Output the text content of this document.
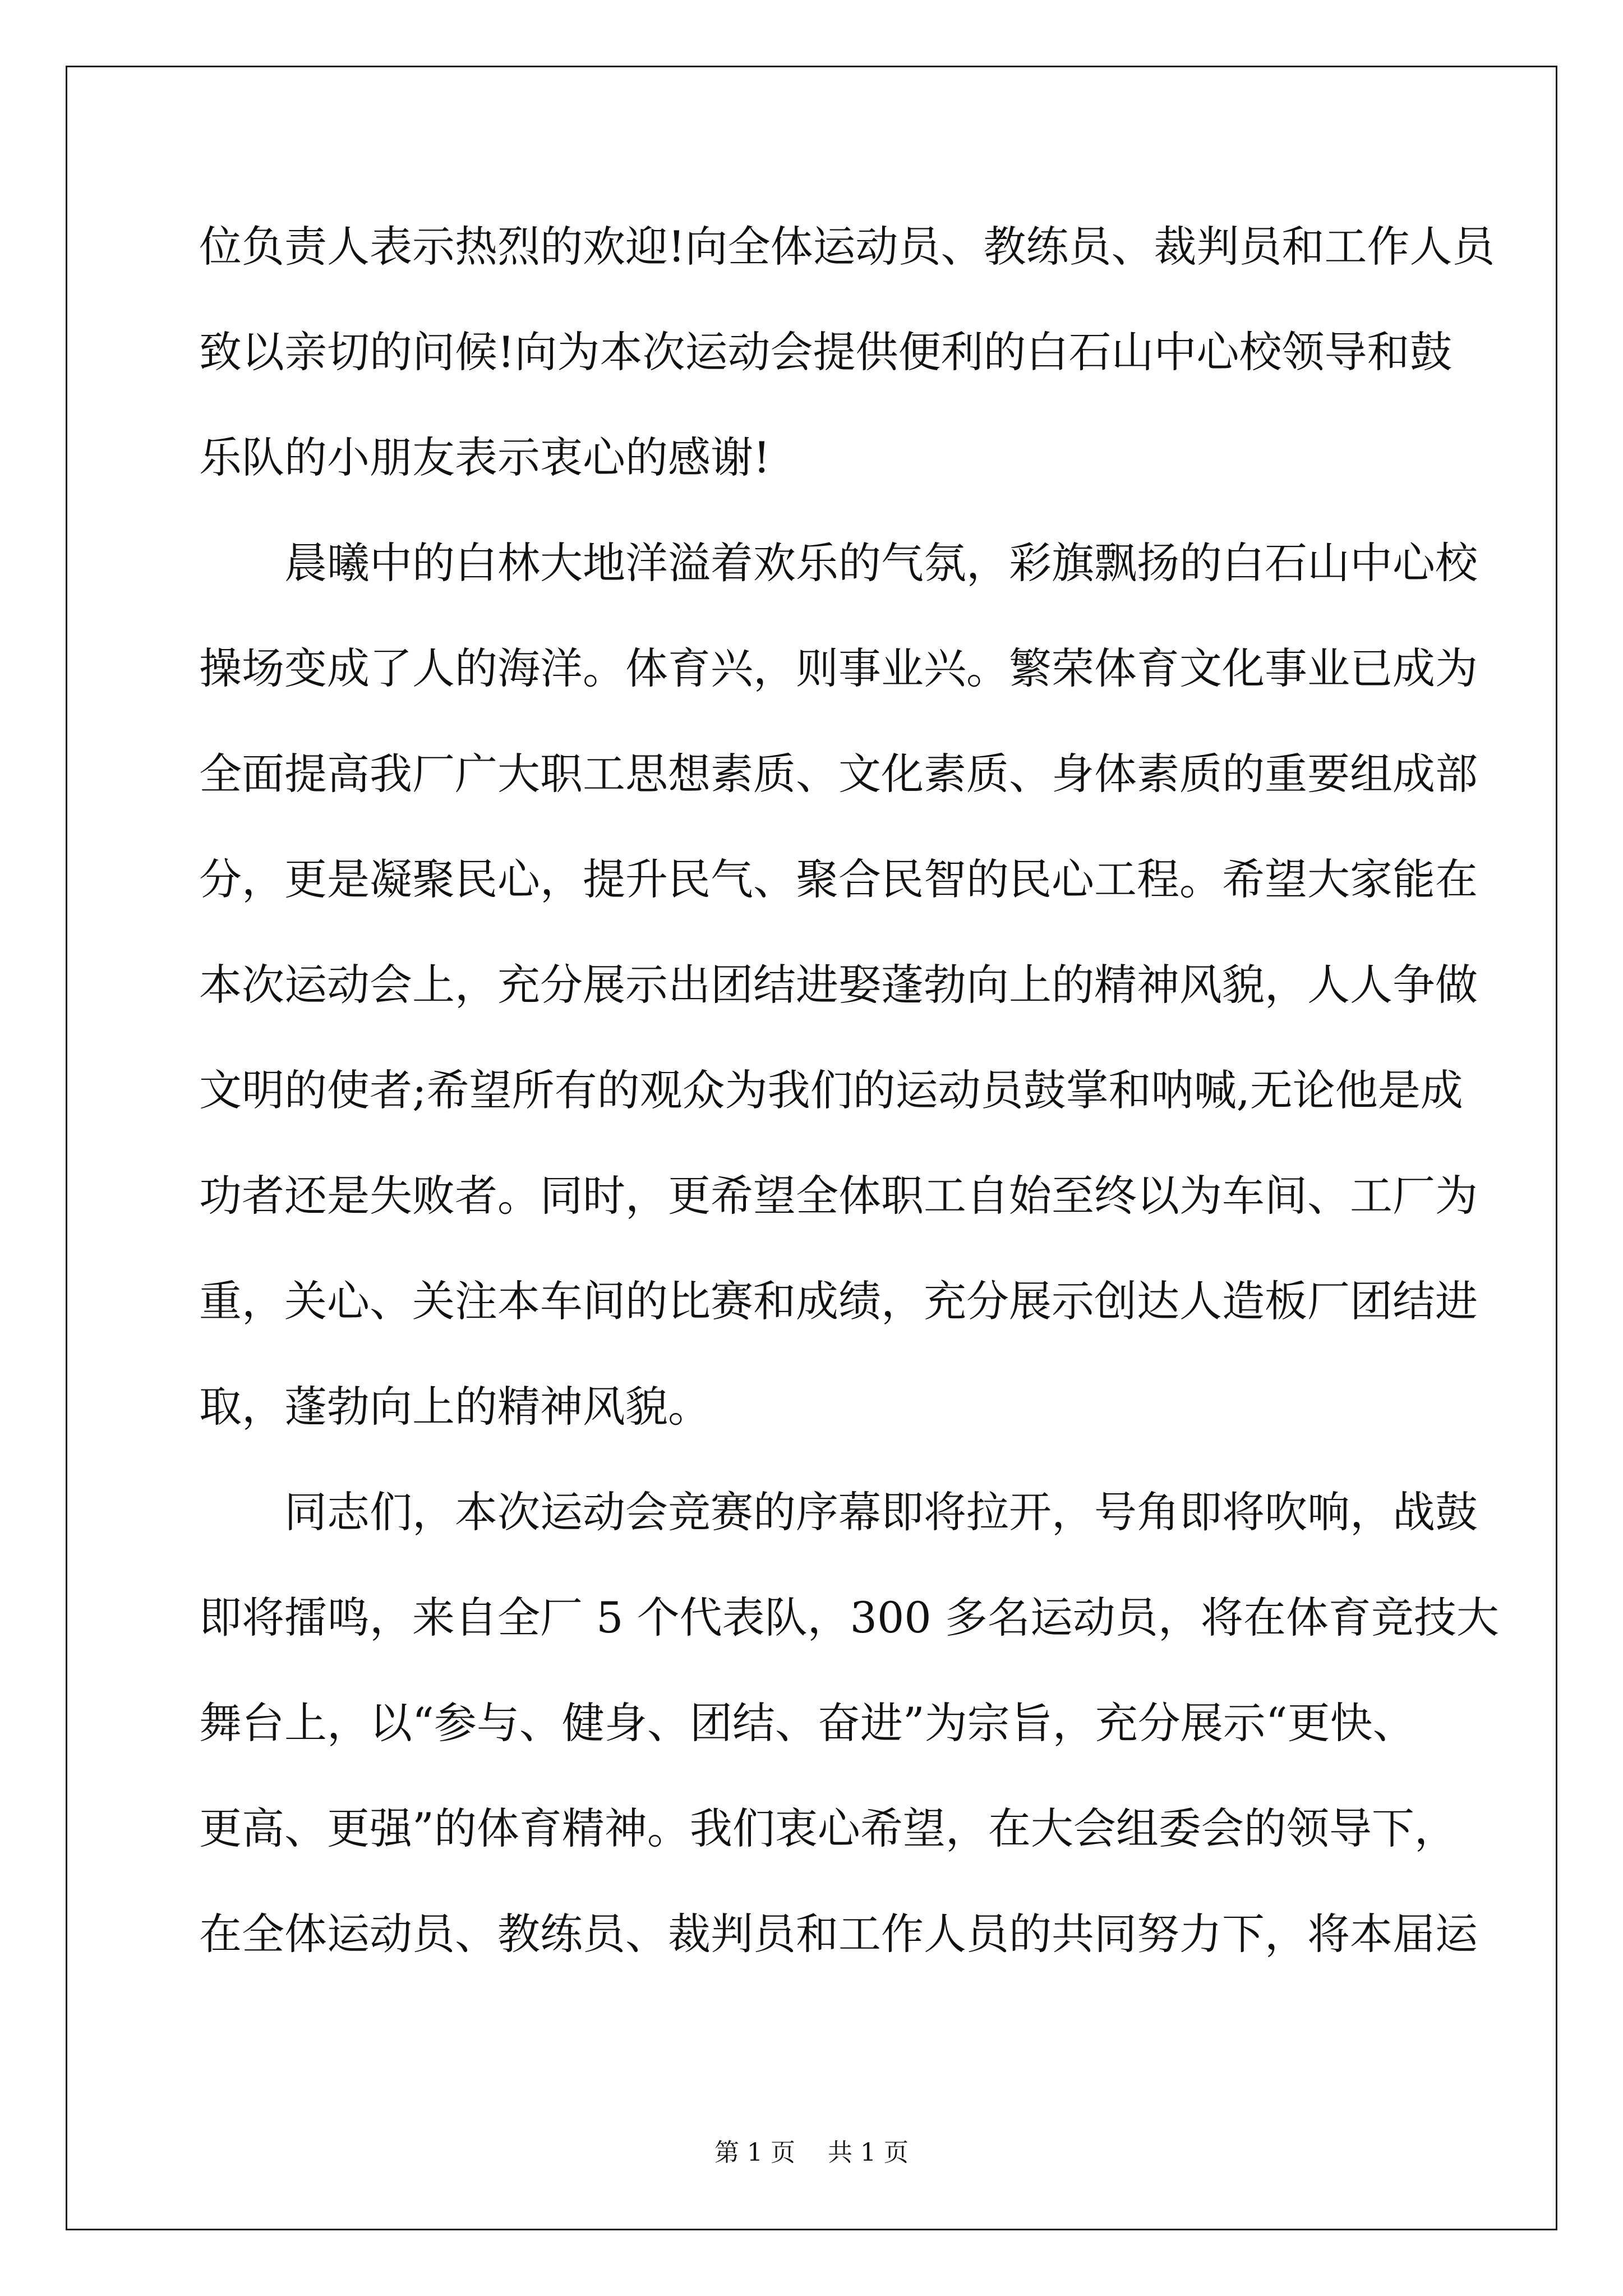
位负责人表示热烈的欢迎!向全体运动员、教练员、裁判员和工作人员
致以亲切的问候!向为本次运动会提供便利的白石山中心校领导和鼓
乐队的小朋友表示衷心的感谢!
　　晨曦中的白林大地洋溢着欢乐的气氛，彩旗飘扬的白石山中心校
操场变成了人的海洋。体育兴，则事业兴。繁荣体育文化事业已成为
全面提高我厂广大职工思想素质、文化素质、身体素质的重要组成部
分，更是凝聚民心，提升民气、聚合民智的民心工程。希望大家能在
本次运动会上，充分展示出团结进娶蓬勃向上的精神风貌，人人争做
文明的使者;希望所有的观众为我们的运动员鼓掌和呐喊,无论他是成
功者还是失败者。同时，更希望全体职工自始至终以为车间、工厂为
重，关心、关注本车间的比赛和成绩，充分展示创达人造板厂团结进
取，蓬勃向上的精神风貌。
　　同志们，本次运动会竞赛的序幕即将拉开，号角即将吹响，战鼓
即将擂鸣，来自全厂 5 个代表队，300 多名运动员，将在体育竞技大
舞台上，以“参与、健身、团结、奋进”为宗旨，充分展示“更快、
更高、更强”的体育精神。我们衷心希望，在大会组委会的领导下，
在全体运动员、教练员、裁判员和工作人员的共同努力下，将本届运
第 1 页　 共 1 页
